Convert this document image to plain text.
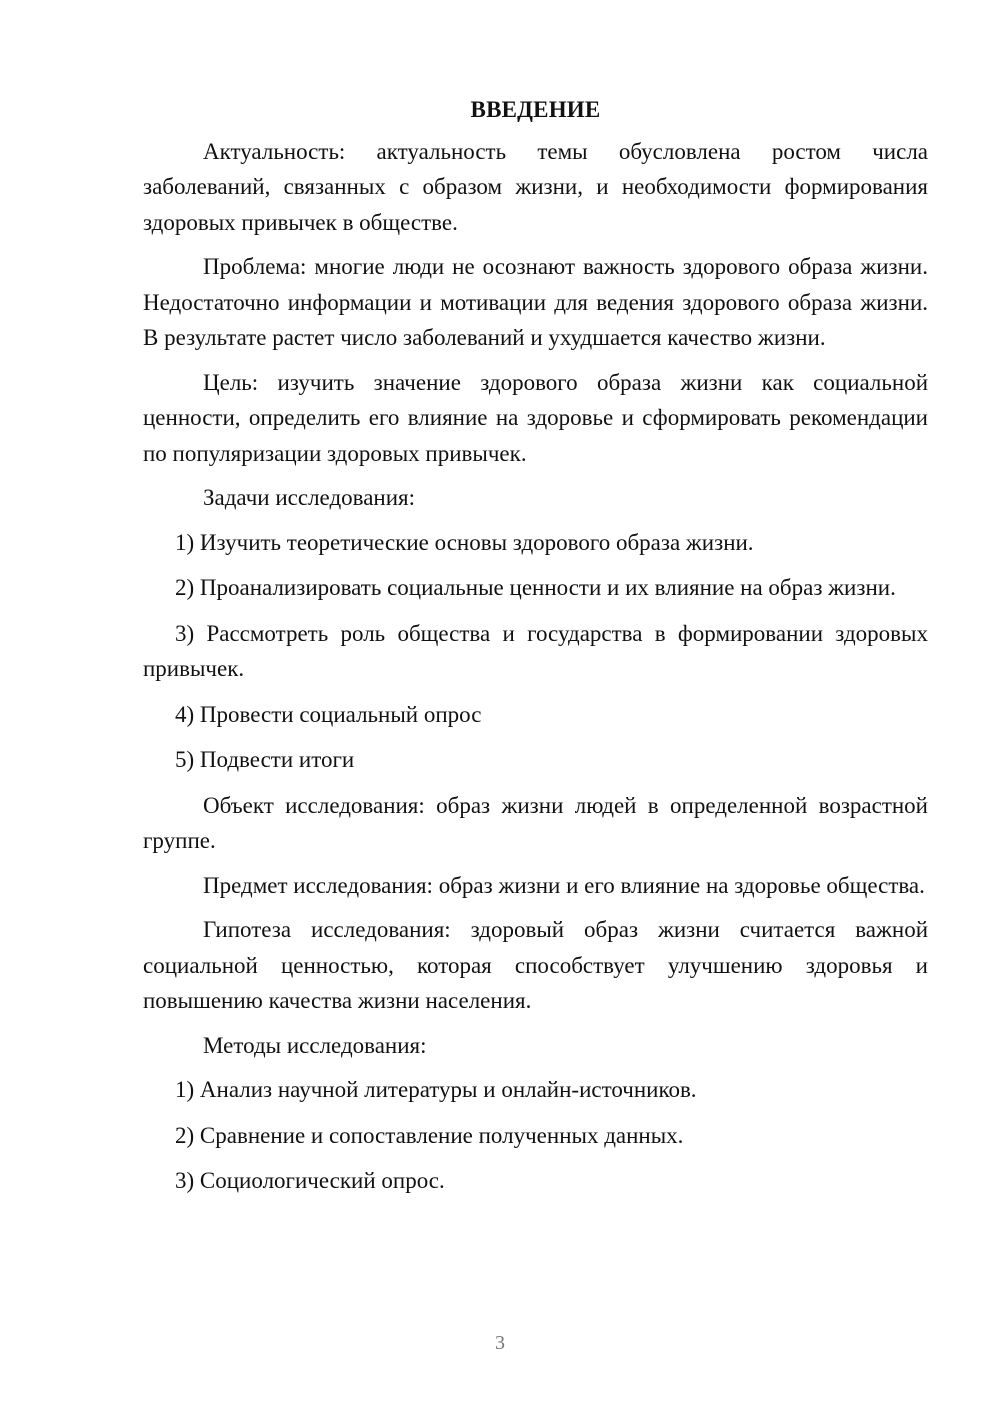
ВВЕДЕНИЕ

Актуальность: актуальность темы обусловлена ростом числа заболеваний, связанных с образом жизни, и необходимости формирования здоровых привычек в обществе.

Проблема: многие люди не осознают важность здорового образа жизни. Недостаточно информации и мотивации для ведения здорового образа жизни. В результате растет число заболеваний и ухудшается качество жизни.

Цель: изучить значение здорового образа жизни как социальной ценности, определить его влияние на здоровье и сформировать рекомендации по популяризации здоровых привычек.

Задачи исследования:

1) Изучить теоретические основы здорового образа жизни.

2) Проанализировать социальные ценности и их влияние на образ жизни.

3) Рассмотреть роль общества и государства в формировании здоровых привычек.

4) Провести социальный опрос

5) Подвести итоги

Объект исследования: образ жизни людей в определенной возрастной группе.

Предмет исследования: образ жизни и его влияние на здоровье общества.

Гипотеза исследования: здоровый образ жизни считается важной социальной ценностью, которая способствует улучшению здоровья и повышению качества жизни населения.

Методы исследования:

1) Анализ научной литературы и онлайн-источников.

2) Сравнение и сопоставление полученных данных.

3) Социологический опрос.

3
